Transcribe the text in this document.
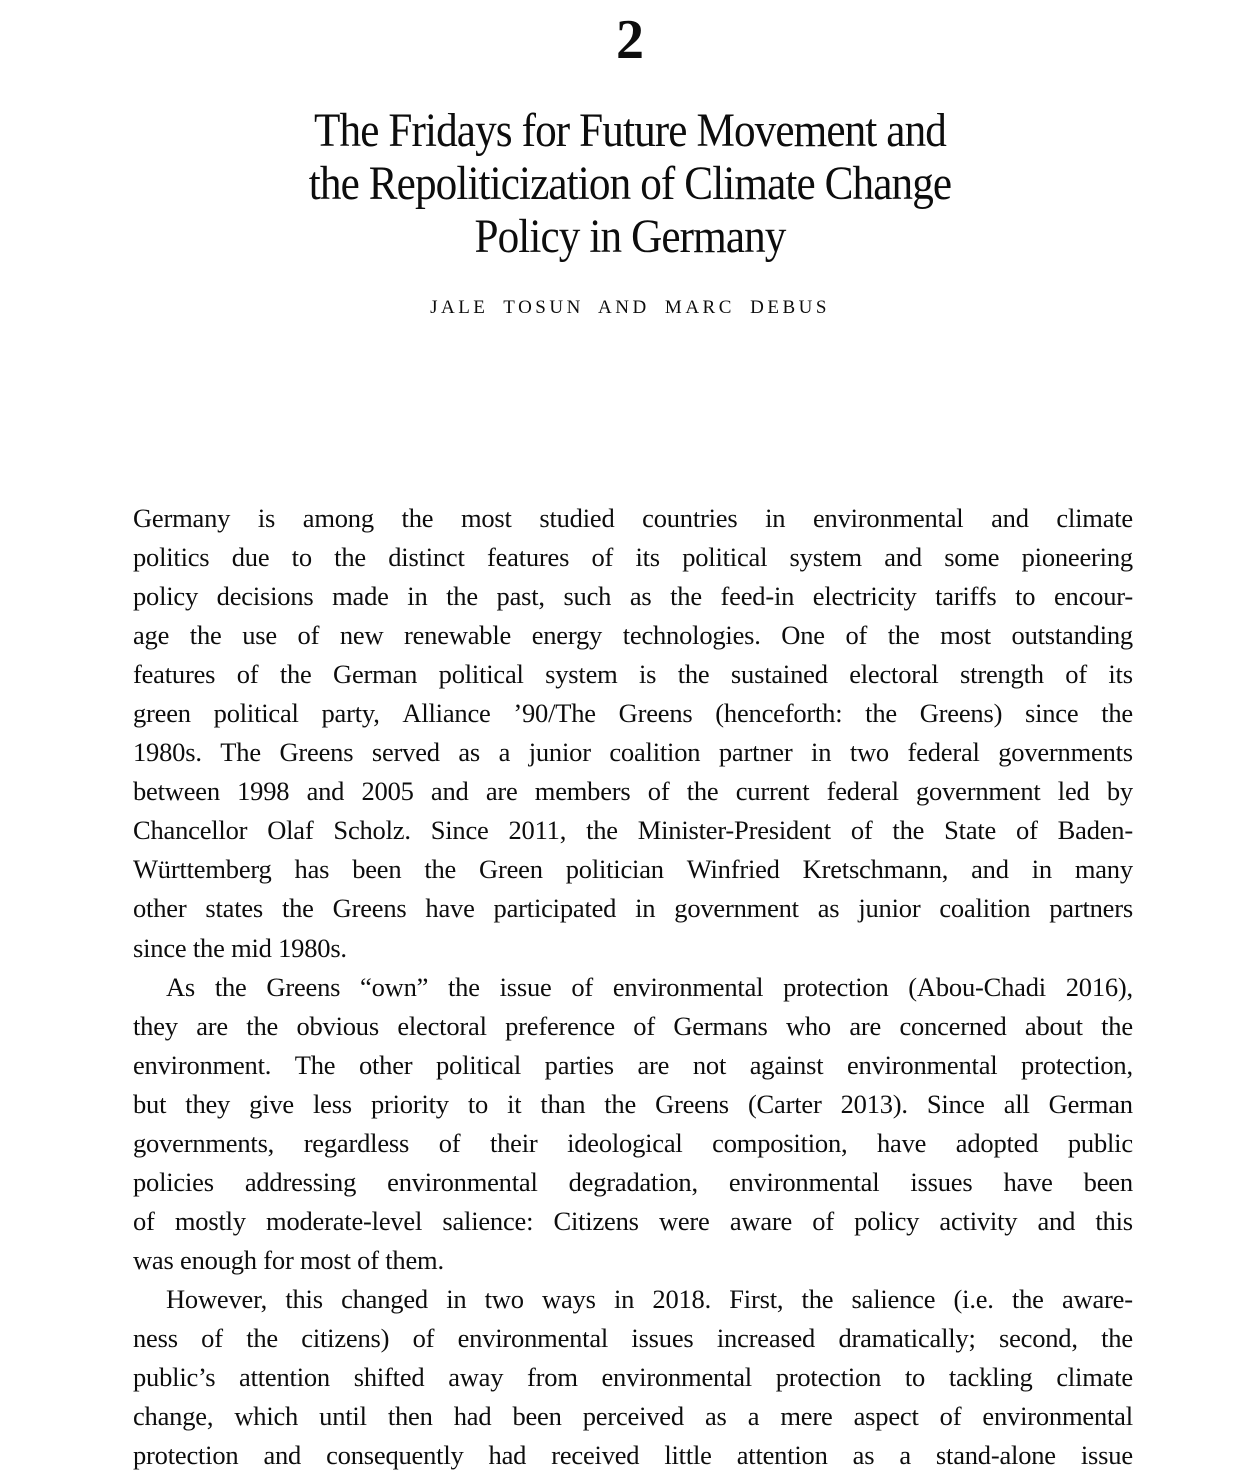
2
The Fridays for Future Movement and
the Repoliticization of Climate Change
Policy in Germany
JALE TOSUN AND MARC DEBUS
Germany is among the most studied countries in environmental and climate
politics due to the distinct features of its political system and some pioneering
policy decisions made in the past, such as the feed-in electricity tariffs to encour-
age the use of new renewable energy technologies. One of the most outstanding
features of the German political system is the sustained electoral strength of its
green political party, Alliance ’90/The Greens (henceforth: the Greens) since the
1980s. The Greens served as a junior coalition partner in two federal governments
between 1998 and 2005 and are members of the current federal government led by
Chancellor Olaf Scholz. Since 2011, the Minister-President of the State of Baden-
Württemberg has been the Green politician Winfried Kretschmann, and in many
other states the Greens have participated in government as junior coalition partners
since the mid 1980s.
As the Greens “own” the issue of environmental protection (Abou-Chadi 2016),
they are the obvious electoral preference of Germans who are concerned about the
environment. The other political parties are not against environmental protection,
but they give less priority to it than the Greens (Carter 2013). Since all German
governments, regardless of their ideological composition, have adopted public
policies addressing environmental degradation, environmental issues have been
of mostly moderate-level salience: Citizens were aware of policy activity and this
was enough for most of them.
However, this changed in two ways in 2018. First, the salience (i.e. the aware-
ness of the citizens) of environmental issues increased dramatically; second, the
public’s attention shifted away from environmental protection to tackling climate
change, which until then had been perceived as a mere aspect of environmental
protection and consequently had received little attention as a stand-alone issue
